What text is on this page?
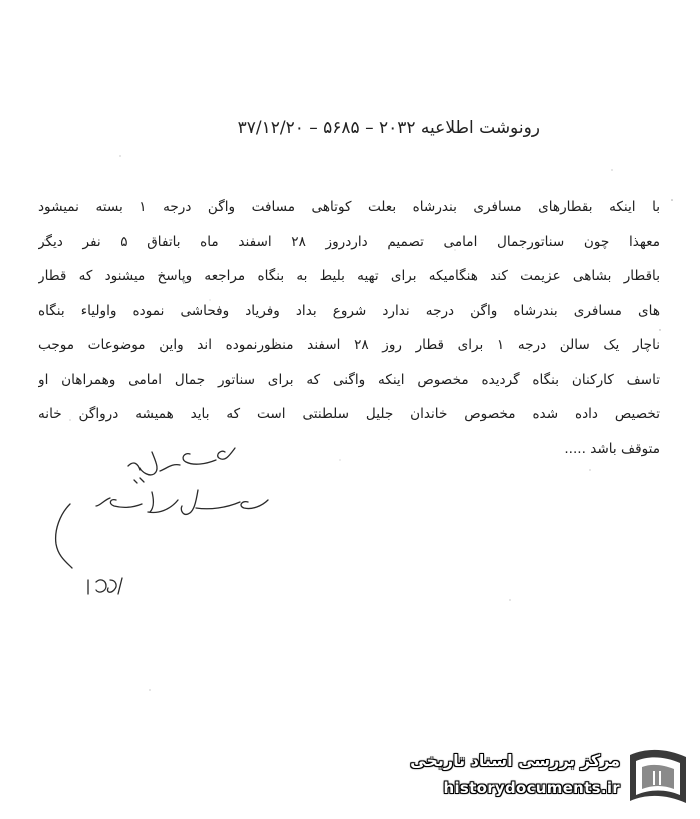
رونوشت اطلاعیه ۲۰۳۲ – ۵۶۸۵ – ۳۷/۱۲/۲۰
با اینکه بقطارهای مسافری بندرشاه بعلت کوتاهی مسافت واگن درجه ۱ بسته نمیشود
معهذا چون سناتورجمال امامی تصمیم داردروز ۲۸ اسفند ماه باتفاق ۵ نفر دیگر
باقطار بشاهی عزیمت کند هنگامیکه برای تهیه بلیط به بنگاه مراجعه وپاسخ میشنود که قطار
های مسافری بندرشاه واگن درجه ندارد شروع بداد وفریاد وفحاشی نموده واولیاء بنگاه
ناچار یک سالن درجه ۱ برای قطار روز ۲۸ اسفند منظورنموده اند واین موضوعات موجب
تاسف کارکنان بنگاه گردیده مخصوص اینکه واگنی که برای سناتور جمال امامی وهمراهان او
تخصیص داده شده مخصوص خاندان جلیل سلطنتی است که باید همیشه درواگن خانه
متوقف باشد .....
مرکز بررسی اسناد تاریخی
historydocuments.ir
